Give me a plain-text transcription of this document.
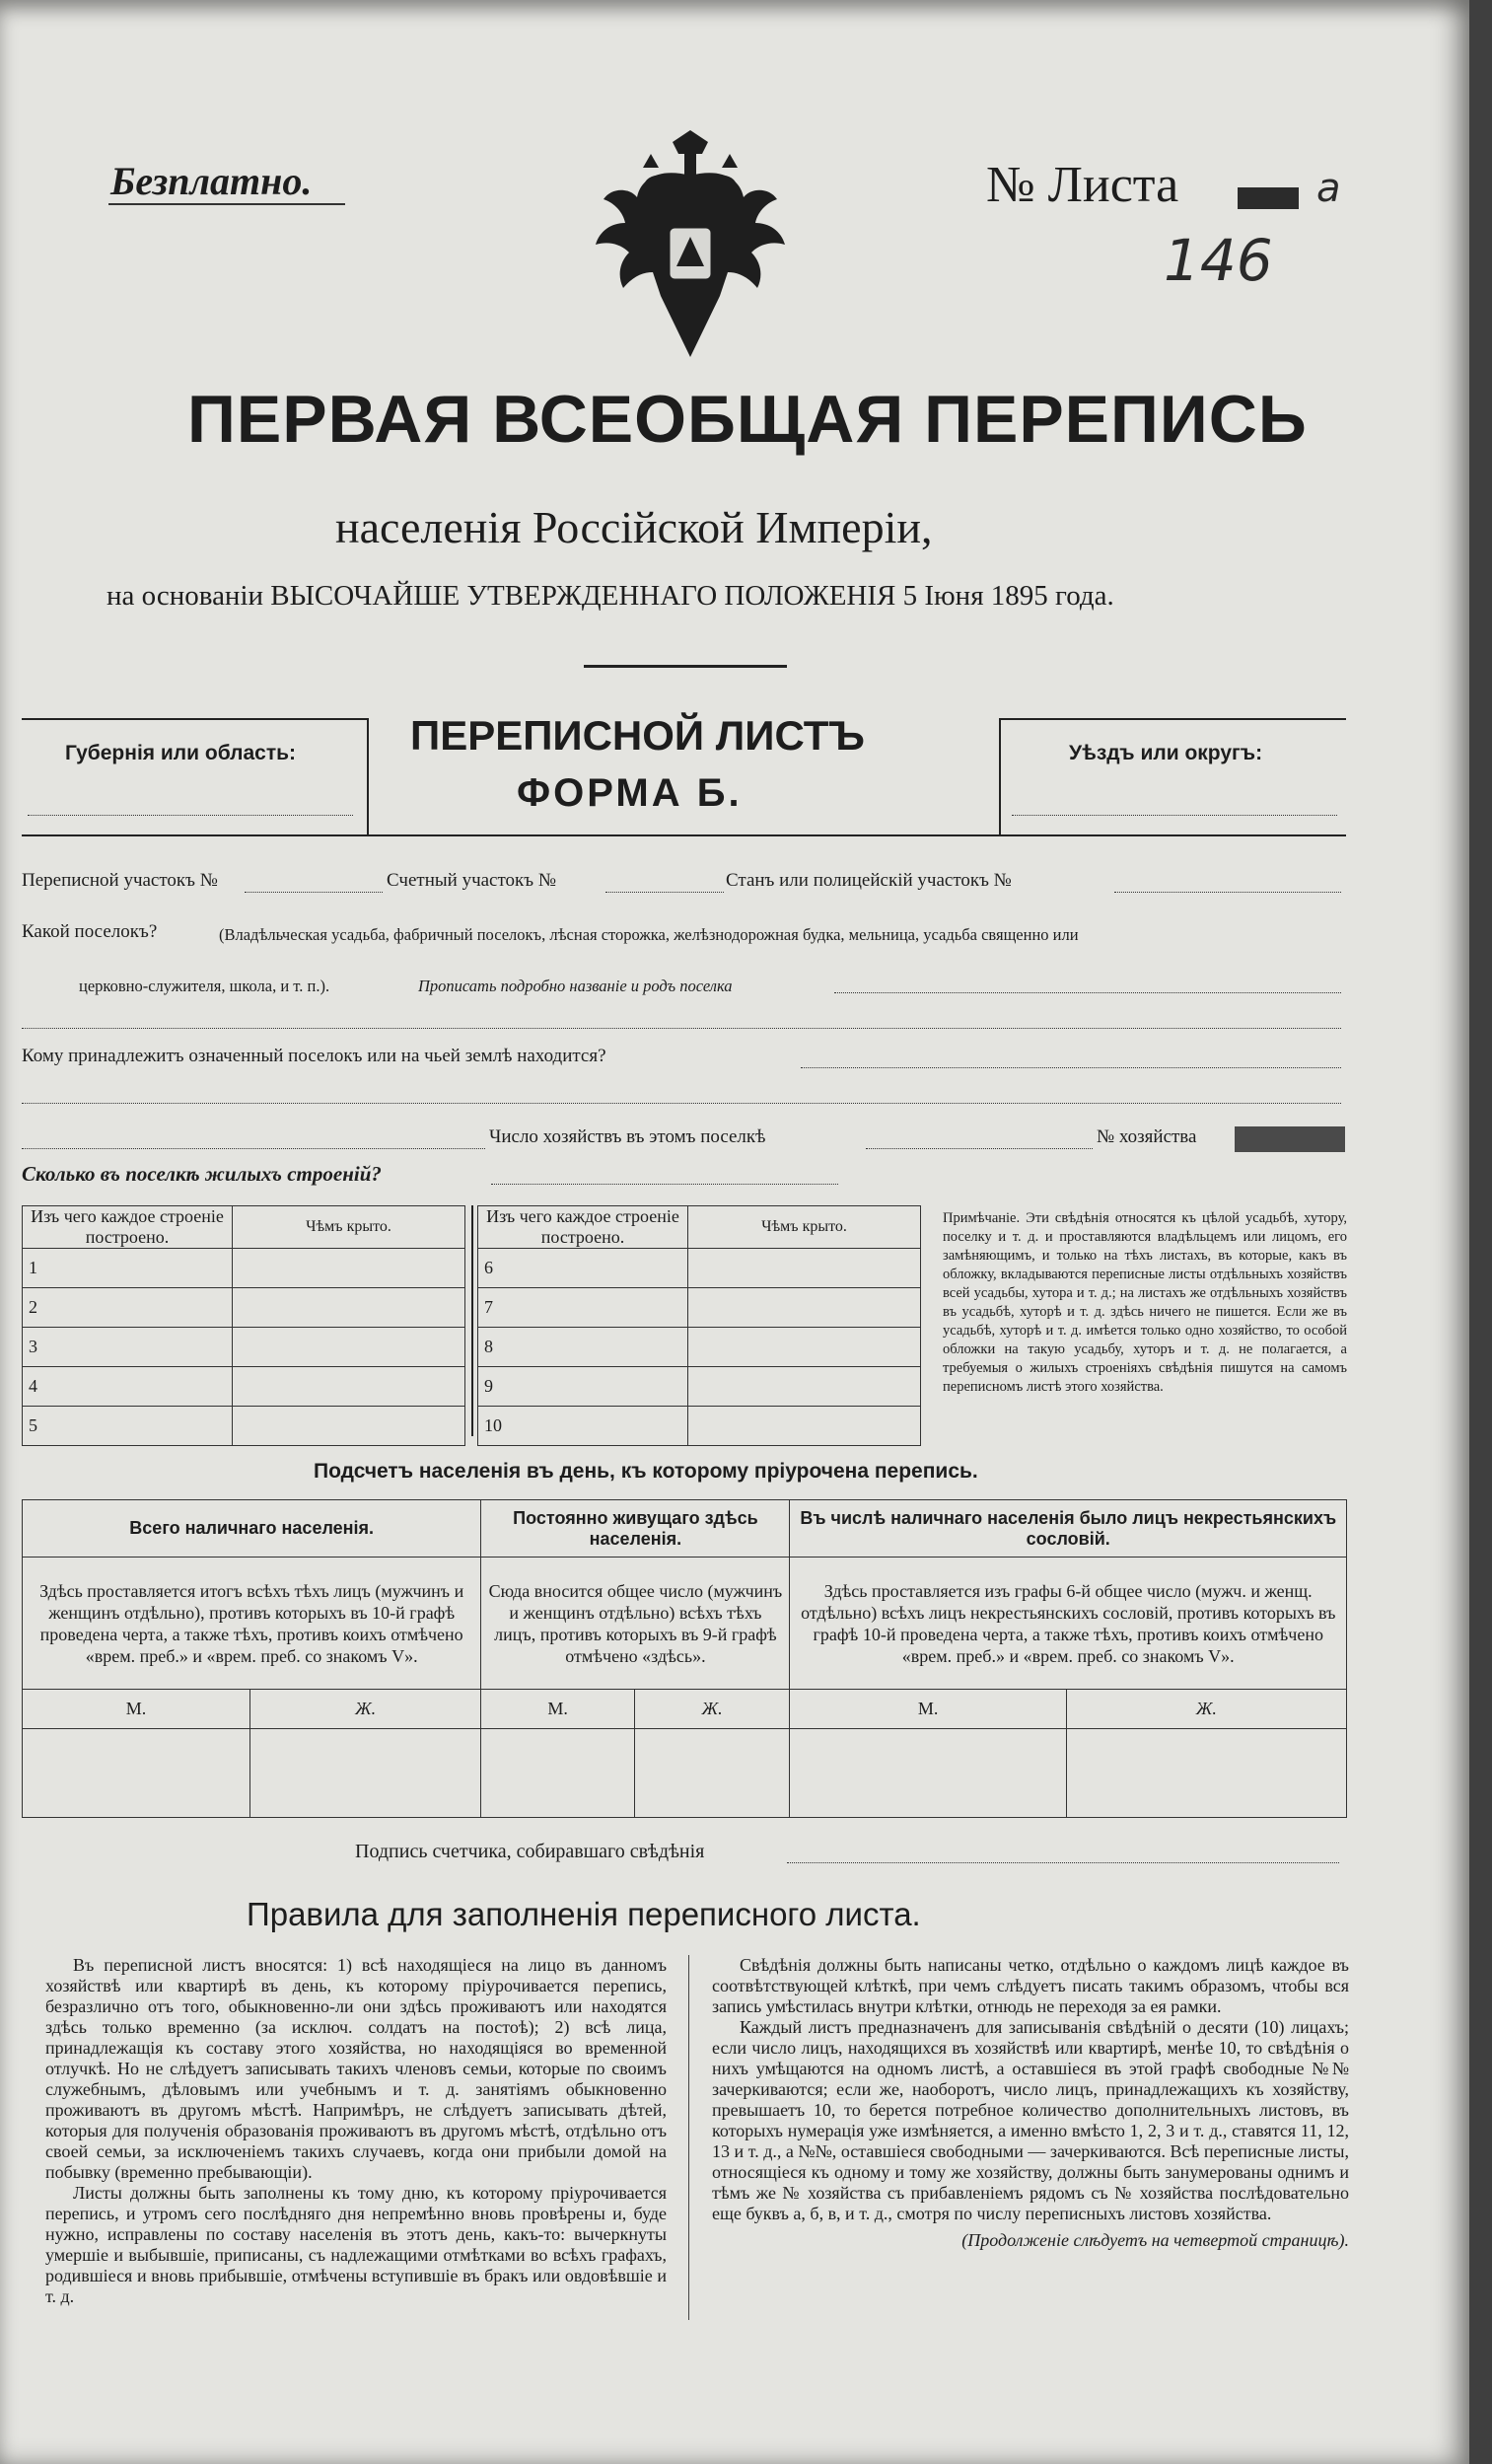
Безплатно.	№ Листа	а
146
ПЕРВАЯ ВСЕОБЩАЯ ПЕРЕПИСЬ
населенія Россійской Имперіи,
на основаніи ВЫСОЧАЙШЕ УТВЕРЖДЕННАГО ПОЛОЖЕНІЯ 5 Іюня 1895 года.
Губернія или область:	ПЕРЕПИСНОЙ ЛИСТЪ
ФОРМА Б.
Уѣздъ или округъ:
Переписной участокъ №	Счетный участокъ №	Станъ или полицейскій участокъ №
Какой поселокъ?	(Владѣльческая усадьба, фабричный поселокъ, лѣсная сторожка, желѣзнодорожная будка, мельница, усадьба священно или
церковно-служителя, школа, и т. п.).	Прописать подробно названіе и родъ поселка
Кому принадлежитъ означенный поселокъ или на чьей землѣ находится?
Число хозяйствъ въ этомъ поселкѣ	№ хозяйства
Сколько въ поселкѣ жилыхъ строеній?
Изъ чего каждое строеніе построено.	Чѣмъ крыто.
1	
2	
3	
4	
5	
Изъ чего каждое строеніе построено.	Чѣмъ крыто.
6	
7	
8	
9	
10	
Примѣчаніе. Эти свѣдѣнія относятся къ цѣлой усадьбѣ, хутору, поселку и т. д. и проставляются владѣльцемъ или лицомъ, его замѣняющимъ, и только на тѣхъ листахъ, въ которые, какъ въ обложку, вкладываются переписные листы отдѣльныхъ хозяйствъ всей усадьбы, хутора и т. д.; на листахъ же отдѣльныхъ хозяйствъ въ усадьбѣ, хуторѣ и т. д. здѣсь ничего не пишется. Если же въ усадьбѣ, хуторѣ и т. д. имѣется только одно хозяйство, то особой обложки на такую усадьбу, хуторъ и т. д. не полагается, а требуемыя о жилыхъ строеніяхъ свѣдѣнія пишутся на самомъ переписномъ листѣ этого хозяйства.
Подсчетъ населенія въ день, къ которому пріурочена перепись.
Всего наличнаго населенія.		Постоянно живущаго здѣсь населенія.		Въ числѣ наличнаго населенія было лицъ некрестьянскихъ сословій.	
Здѣсь проставляется итогъ всѣхъ тѣхъ лицъ (мужчинъ и женщинъ отдѣльно), противъ которыхъ въ 10-й графѣ проведена черта, а также тѣхъ, противъ коихъ отмѣчено «врем. преб.» и «врем. преб. со знакомъ V».		Сюда вносится общее число (мужчинъ и женщинъ отдѣльно) всѣхъ тѣхъ лицъ, противъ которыхъ въ 9-й графѣ отмѣчено «здѣсь».		Здѣсь проставляется изъ графы 6-й общее число (мужч. и женщ. отдѣльно) всѣхъ лицъ некрестьянскихъ сословій, противъ которыхъ въ графѣ 10-й проведена черта, а также тѣхъ, противъ коихъ отмѣчено «врем. преб.» и «врем. преб. со знакомъ V».	
М.	Ж.	М.	Ж.	М.	Ж.

Подпись счетчика, собиравшаго свѣдѣнія
Правила для заполненія переписного листа.
Въ переписной листъ вносятся: 1) всѣ находящіеся на лицо въ данномъ хозяйствѣ или квартирѣ въ день, къ которому пріурочивается перепись, безразлично отъ того, обыкновенно-ли они здѣсь проживаютъ или находятся здѣсь только временно (за исключ. солдатъ на постоѣ); 2) всѣ лица, принадлежащія къ составу этого хозяйства, но находящіяся во временной отлучкѣ. Но не слѣдуетъ записывать такихъ членовъ семьи, которые по своимъ служебнымъ, дѣловымъ или учебнымъ и т. д. занятіямъ обыкновенно проживаютъ въ другомъ мѣстѣ. Напримѣръ, не слѣдуетъ записывать дѣтей, которыя для полученія образованія проживаютъ въ другомъ мѣстѣ, отдѣльно отъ своей семьи, за исключеніемъ такихъ случаевъ, когда они прибыли домой на побывку (временно пребывающіи).
Листы должны быть заполнены къ тому дню, къ которому пріурочивается перепись, и утромъ сего послѣдняго дня непремѣнно вновь провѣрены и, буде нужно, исправлены по составу населенія въ этотъ день, какъ-то: вычеркнуты умершіе и выбывшіе, приписаны, съ надлежащими отмѣтками во всѣхъ графахъ, родившіеся и вновь прибывшіе, отмѣчены вступившіе въ бракъ или овдовѣвшіе и т. д.
Свѣдѣнія должны быть написаны четко, отдѣльно о каждомъ лицѣ каждое въ соотвѣтствующей клѣткѣ, при чемъ слѣдуетъ писать такимъ образомъ, чтобы вся запись умѣстилась внутри клѣтки, отнюдь не переходя за ея рамки.
Каждый листъ предназначенъ для записыванія свѣдѣній о десяти (10) лицахъ; если число лицъ, находящихся въ хозяйствѣ или квартирѣ, менѣе 10, то свѣдѣнія о нихъ умѣщаются на одномъ листѣ, а оставшіеся въ этой графѣ свободные №№ зачеркиваются; если же, наоборотъ, число лицъ, принадлежащихъ къ хозяйству, превышаетъ 10, то берется потребное количество дополнительныхъ листовъ, въ которыхъ нумерація уже измѣняется, а именно вмѣсто 1, 2, 3 и т. д., ставятся 11, 12, 13 и т. д., а №№, оставшіеся свободными — зачеркиваются. Всѣ переписные листы, относящіеся къ одному и тому же хозяйству, должны быть занумерованы однимъ и тѣмъ же № хозяйства съ прибавленіемъ рядомъ съ № хозяйства послѣдовательно еще буквъ а, б, в, и т. д., смотря по числу переписныхъ листовъ хозяйства.
(Продолженіе слѣдуетъ на четвертой страницѣ).
